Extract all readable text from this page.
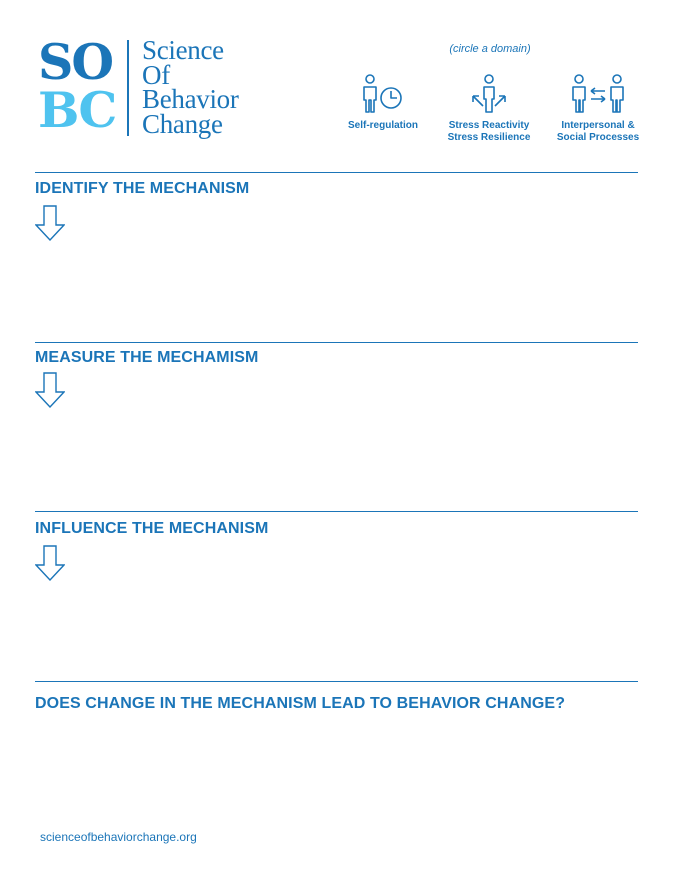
SO
BC
Science
Of
Behavior
Change
(circle a domain)
Self-regulation	Stress Reactivity
Stress Resilience
Interpersonal &
Social Processes
IDENTIFY THE MECHANISM
MEASURE THE MECHAMISM
INFLUENCE THE MECHANISM
DOES CHANGE IN THE MECHANISM LEAD TO BEHAVIOR CHANGE?
scienceofbehaviorchange.org
